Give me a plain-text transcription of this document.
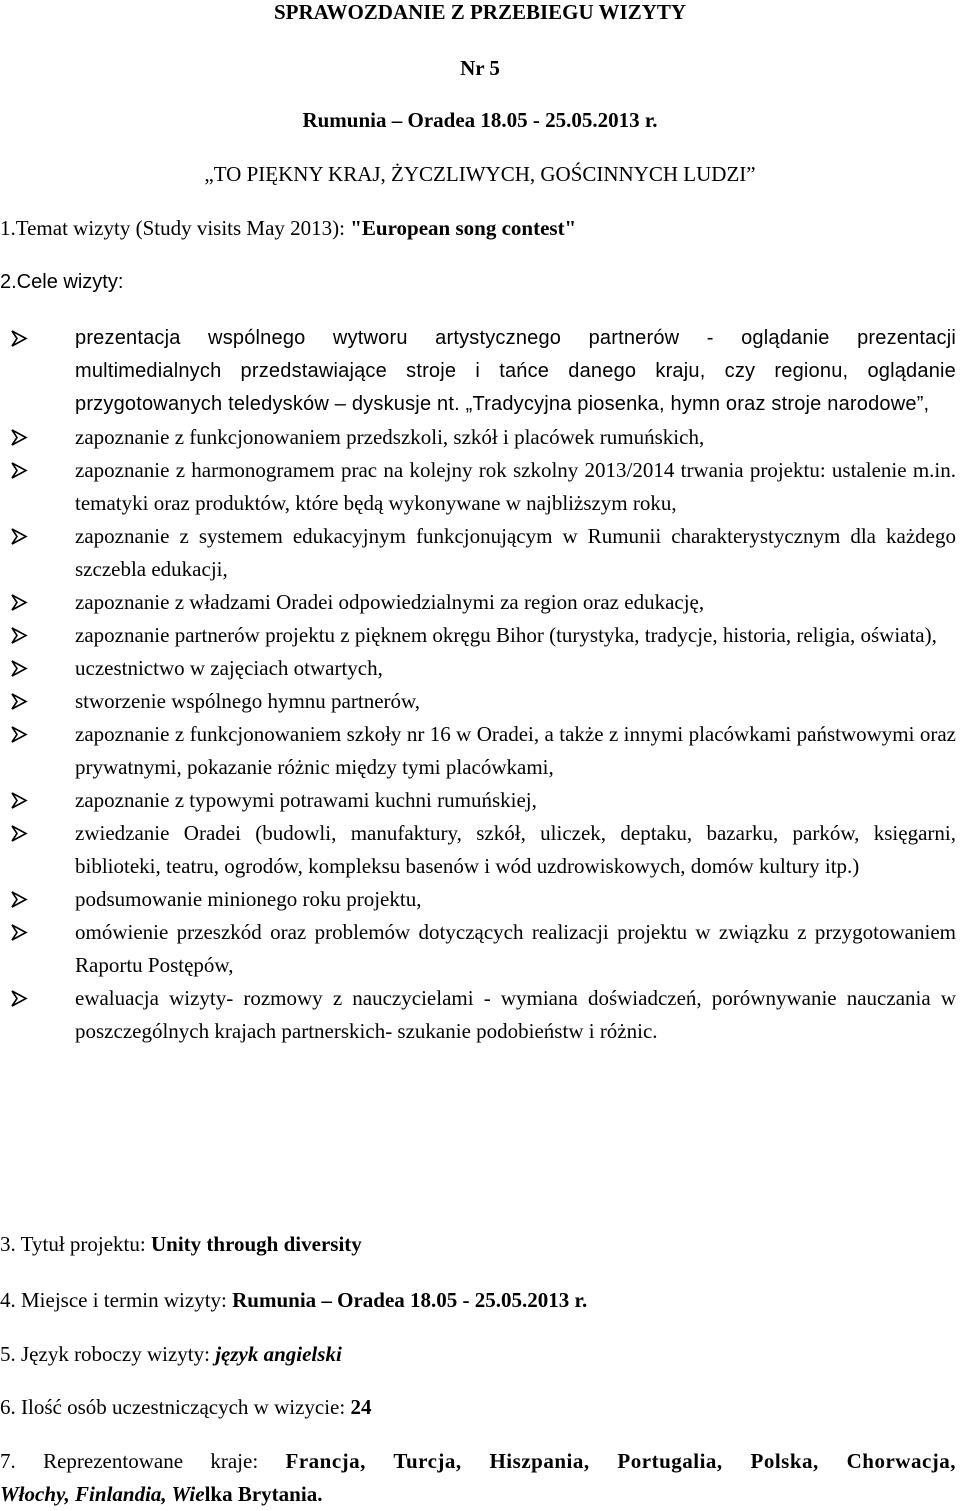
SPRAWOZDANIE Z PRZEBIEGU WIZYTY
Nr 5
Rumunia – Oradea 18.05 - 25.05.2013 r.
„TO PIĘKNY KRAJ, ŻYCZLIWYCH, GOŚCINNYCH LUDZI”
1.Temat wizyty (Study visits May 2013): "European song contest"
2.Cele wizyty:
prezentacja wspólnego wytworu artystycznego partnerów - oglądanie prezentacji multimedialnych przedstawiające stroje i tańce danego kraju, czy regionu, oglądanie przygotowanych teledysków – dyskusje nt. „Tradycyjna piosenka, hymn oraz stroje narodowe”,
zapoznanie z funkcjonowaniem przedszkoli, szkół i placówek rumuńskich,
zapoznanie z harmonogramem prac na kolejny rok szkolny 2013/2014 trwania projektu: ustalenie m.in. tematyki oraz produktów, które będą wykonywane w najbliższym roku,
zapoznanie z systemem edukacyjnym funkcjonującym w Rumunii charakterystycznym dla każdego szczebla edukacji,
zapoznanie z władzami Oradei odpowiedzialnymi za region oraz edukację,
zapoznanie partnerów projektu z pięknem okręgu Bihor (turystyka, tradycje, historia, religia, oświata),
uczestnictwo w zajęciach otwartych,
stworzenie wspólnego hymnu partnerów,
zapoznanie z funkcjonowaniem szkoły nr 16 w Oradei, a także z innymi placówkami państwowymi oraz prywatnymi, pokazanie różnic między tymi placówkami,
zapoznanie z typowymi potrawami kuchni rumuńskiej,
zwiedzanie Oradei (budowli, manufaktury, szkół, uliczek, deptaku, bazarku, parków, księgarni, biblioteki, teatru, ogrodów, kompleksu basenów i wód uzdrowiskowych, domów kultury itp.)
podsumowanie minionego roku projektu,
omówienie przeszkód oraz problemów dotyczących realizacji projektu w związku z przygotowaniem Raportu Postępów,
ewaluacja wizyty- rozmowy z nauczycielami - wymiana doświadczeń, porównywanie nauczania w poszczególnych krajach partnerskich- szukanie podobieństw i różnic.
3. Tytuł projektu: Unity through diversity
4. Miejsce i termin wizyty: Rumunia – Oradea 18.05 - 25.05.2013 r.
5. Język roboczy wizyty: język angielski
6. Ilość osób uczestniczących w wizycie: 24
7. Reprezentowane kraje: Francja, Turcja, Hiszpania, Portugalia, Polska, Chorwacja,
Włochy, Finlandia, Wielka Brytania.
